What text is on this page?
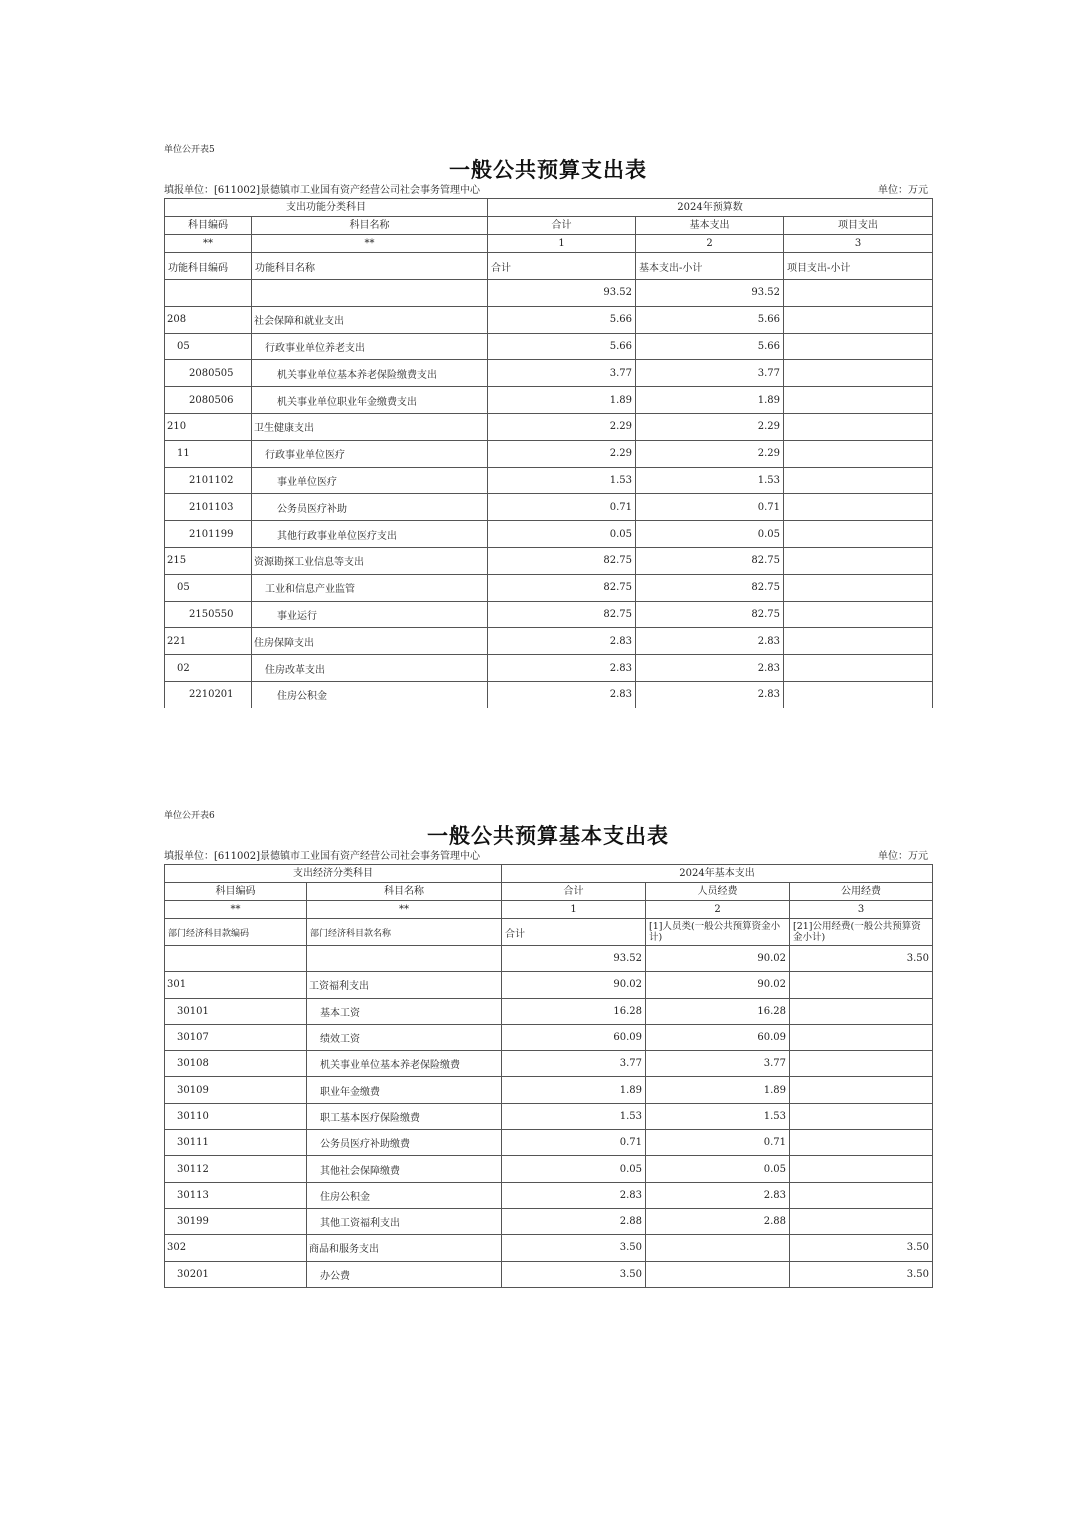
单位公开表5
一般公共预算支出表
填报单位：[611002]景德镇市工业国有资产经营公司社会事务管理中心	单位：万元
支出功能分类科目		2024年预算数		
科目编码	科目名称	合计	基本支出	项目支出
**	**	1	2	3
功能科目编码	功能科目名称	合计	基本支出-小计	项目支出-小计
		93.52	93.52	
208	社会保障和就业支出	5.66	5.66	
05	行政事业单位养老支出	5.66	5.66	
2080505	机关事业单位基本养老保险缴费支出	3.77	3.77	
2080506	机关事业单位职业年金缴费支出	1.89	1.89	
210	卫生健康支出	2.29	2.29	
11	行政事业单位医疗	2.29	2.29	
2101102	事业单位医疗	1.53	1.53	
2101103	公务员医疗补助	0.71	0.71	
2101199	其他行政事业单位医疗支出	0.05	0.05	
215	资源勘探工业信息等支出	82.75	82.75	
05	工业和信息产业监管	82.75	82.75	
2150550	事业运行	82.75	82.75	
221	住房保障支出	2.83	2.83	
02	住房改革支出	2.83	2.83	
2210201	住房公积金	2.83	2.83	
单位公开表6
一般公共预算基本支出表
填报单位：[611002]景德镇市工业国有资产经营公司社会事务管理中心	单位：万元
支出经济分类科目		2024年基本支出		
科目编码	科目名称	合计	人员经费	公用经费
**	**	1	2	3
部门经济科目款编码	部门经济科目款名称	合计	[1]人员类(一般公共预算资金小计)	[21]公用经费(一般公共预算资金小计)
		93.52	90.02	3.50
301	工资福利支出	90.02	90.02	
30101	基本工资	16.28	16.28	
30107	绩效工资	60.09	60.09	
30108	机关事业单位基本养老保险缴费	3.77	3.77	
30109	职业年金缴费	1.89	1.89	
30110	职工基本医疗保险缴费	1.53	1.53	
30111	公务员医疗补助缴费	0.71	0.71	
30112	其他社会保障缴费	0.05	0.05	
30113	住房公积金	2.83	2.83	
30199	其他工资福利支出	2.88	2.88	
302	商品和服务支出	3.50		3.50
30201	办公费	3.50		3.50
